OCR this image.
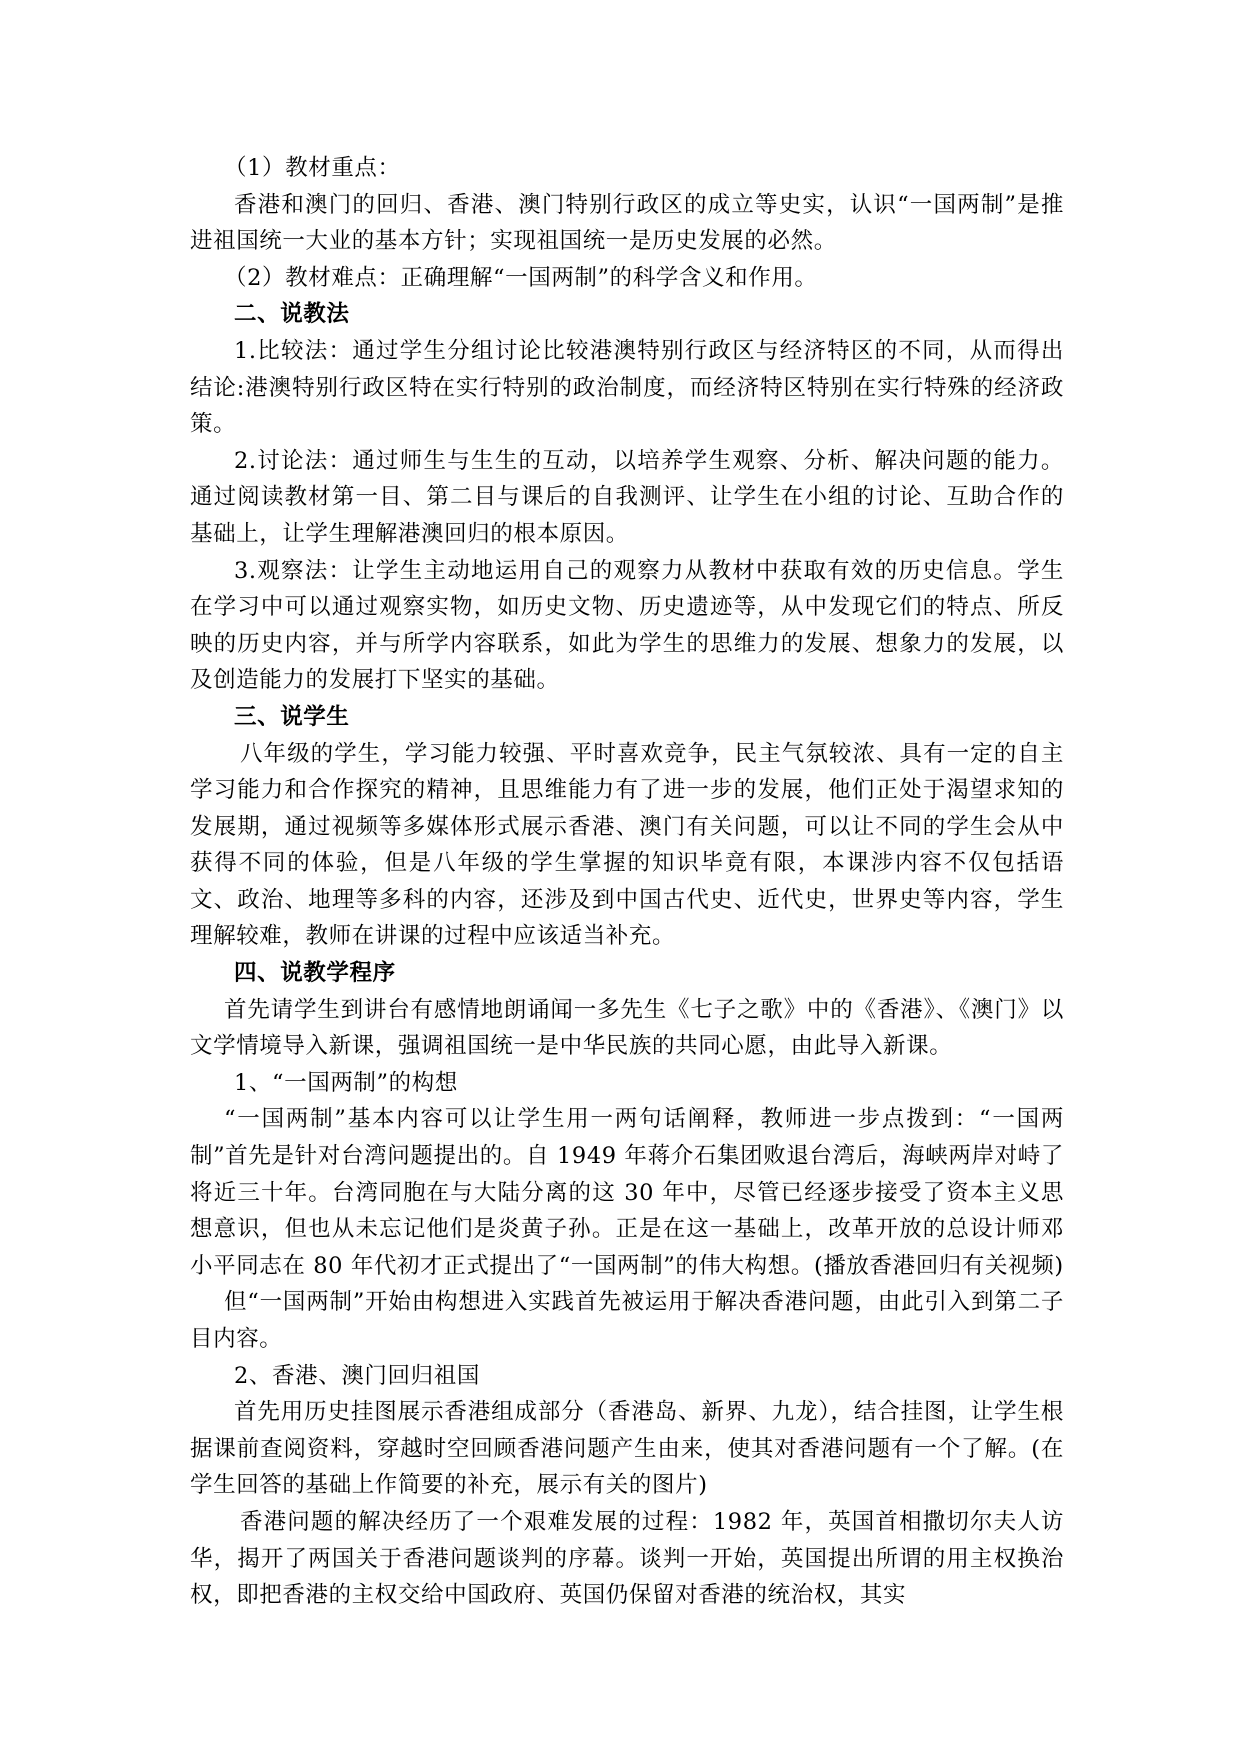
（1）教材重点：

香港和澳门的回归、香港、澳门特别行政区的成立等史实，认识“一国两制”是推进祖国统一大业的基本方针；实现祖国统一是历史发展的必然。

（2）教材难点：正确理解“一国两制”的科学含义和作用。

二、说教法

1.比较法：通过学生分组讨论比较港澳特别行政区与经济特区的不同，从而得出结论:港澳特别行政区特在实行特别的政治制度，而经济特区特别在实行特殊的经济政策。

2.讨论法：通过师生与生生的互动，以培养学生观察、分析、解决问题的能力。通过阅读教材第一目、第二目与课后的自我测评、让学生在小组的讨论、互助合作的基础上，让学生理解港澳回归的根本原因。

3.观察法：让学生主动地运用自己的观察力从教材中获取有效的历史信息。学生在学习中可以通过观察实物，如历史文物、历史遗迹等，从中发现它们的特点、所反映的历史内容，并与所学内容联系，如此为学生的思维力的发展、想象力的发展，以及创造能力的发展打下坚实的基础。

三、说学生

八年级的学生，学习能力较强、平时喜欢竞争，民主气氛较浓、具有一定的自主学习能力和合作探究的精神，且思维能力有了进一步的发展，他们正处于渴望求知的发展期，通过视频等多媒体形式展示香港、澳门有关问题，可以让不同的学生会从中获得不同的体验，但是八年级的学生掌握的知识毕竟有限，本课涉内容不仅包括语文、政治、地理等多科的内容，还涉及到中国古代史、近代史，世界史等内容，学生理解较难，教师在讲课的过程中应该适当补充。

四、说教学程序

首先请学生到讲台有感情地朗诵闻一多先生《七子之歌》中的《香港》、《澳门》以文学情境导入新课，强调祖国统一是中华民族的共同心愿，由此导入新课。

1、“一国两制”的构想

“一国两制”基本内容可以让学生用一两句话阐释，教师进一步点拨到：“一国两制”首先是针对台湾问题提出的。自 1949 年蒋介石集团败退台湾后，海峡两岸对峙了将近三十年。台湾同胞在与大陆分离的这 30 年中，尽管已经逐步接受了资本主义思想意识，但也从未忘记他们是炎黄子孙。正是在这一基础上，改革开放的总设计师邓小平同志在 80 年代初才正式提出了“一国两制”的伟大构想。(播放香港回归有关视频)

但“一国两制”开始由构想进入实践首先被运用于解决香港问题，由此引入到第二子目内容。

2、香港、澳门回归祖国

首先用历史挂图展示香港组成部分（香港岛、新界、九龙），结合挂图，让学生根据课前查阅资料，穿越时空回顾香港问题产生由来，使其对香港问题有一个了解。(在学生回答的基础上作简要的补充，展示有关的图片)

香港问题的解决经历了一个艰难发展的过程：1982 年，英国首相撒切尔夫人访华，揭开了两国关于香港问题谈判的序幕。谈判一开始，英国提出所谓的用主权换治权，即把香港的主权交给中国政府、英国仍保留对香港的统治权，其实
